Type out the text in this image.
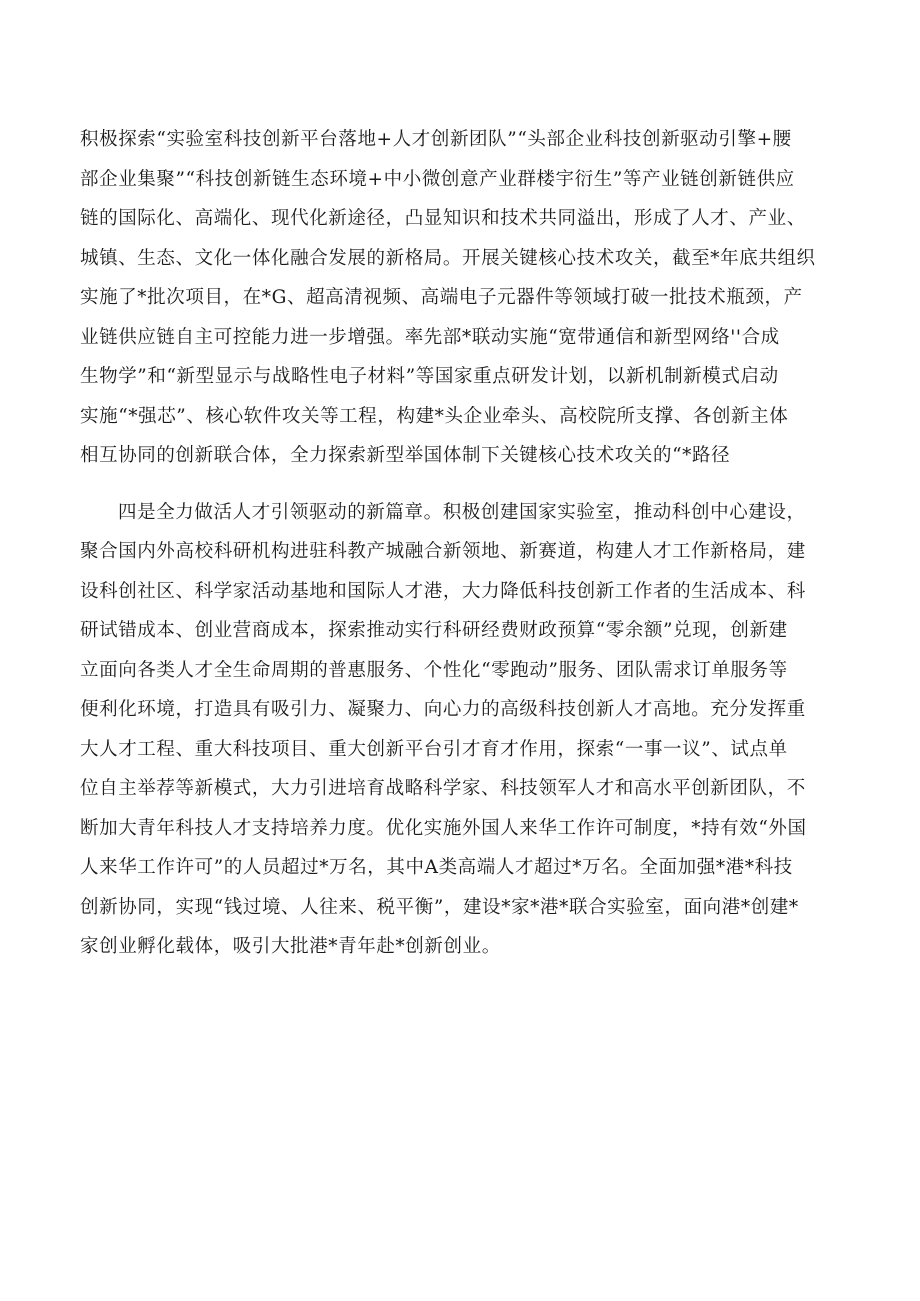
积极探索“实验室科技创新平台落地+人才创新团队”“头部企业科技创新驱动引擎+腰
部企业集聚”“科技创新链生态环境+中小微创意产业群楼宇衍生”等产业链创新链供应
链的国际化、高端化、现代化新途径，凸显知识和技术共同溢出，形成了人才、产业、
城镇、生态、文化一体化融合发展的新格局。开展关键核心技术攻关，截至*年底共组织
实施了*批次项目，在*G、超高清视频、高端电子元器件等领域打破一批技术瓶颈，产
业链供应链自主可控能力进一步增强。率先部*联动实施“宽带通信和新型网络''合成
生物学”和“新型显示与战略性电子材料”等国家重点研发计划，以新机制新模式启动
实施“*强芯”、核心软件攻关等工程，构建*头企业牵头、高校院所支撑、各创新主体
相互协同的创新联合体，全力探索新型举国体制下关键核心技术攻关的“*路径
四是全力做活人才引领驱动的新篇章。积极创建国家实验室，推动科创中心建设，
聚合国内外高校科研机构进驻科教产城融合新领地、新赛道，构建人才工作新格局，建
设科创社区、科学家活动基地和国际人才港，大力降低科技创新工作者的生活成本、科
研试错成本、创业营商成本，探索推动实行科研经费财政预算“零余额”兑现，创新建
立面向各类人才全生命周期的普惠服务、个性化“零跑动”服务、团队需求订单服务等
便利化环境，打造具有吸引力、凝聚力、向心力的高级科技创新人才高地。充分发挥重
大人才工程、重大科技项目、重大创新平台引才育才作用，探索“一事一议”、试点单
位自主举荐等新模式，大力引进培育战略科学家、科技领军人才和高水平创新团队，不
断加大青年科技人才支持培养力度。优化实施外国人来华工作许可制度，*持有效“外国
人来华工作许可”的人员超过*万名，其中A类高端人才超过*万名。全面加强*港*科技
创新协同，实现“钱过境、人往来、税平衡”，建设*家*港*联合实验室，面向港*创建*
家创业孵化载体，吸引大批港*青年赴*创新创业。
